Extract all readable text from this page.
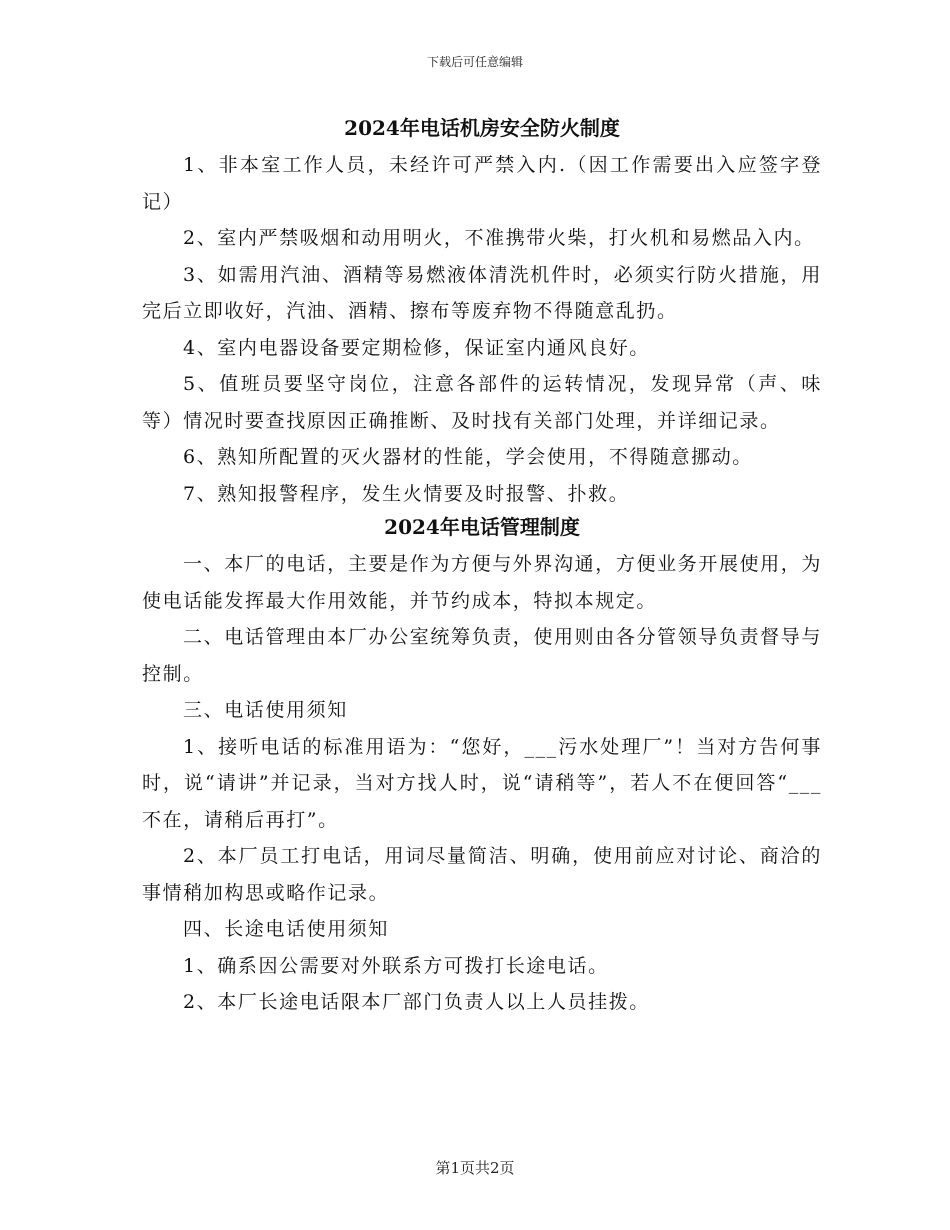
下载后可任意编辑
2024年电话机房安全防火制度

1、非本室工作人员，未经许可严禁入内.（因工作需要出入应签字登记）

2、室内严禁吸烟和动用明火，不准携带火柴，打火机和易燃品入内。

3、如需用汽油、酒精等易燃液体清洗机件时，必须实行防火措施，用完后立即收好，汽油、酒精、擦布等废弃物不得随意乱扔。

4、室内电器设备要定期检修，保证室内通风良好。

5、值班员要坚守岗位，注意各部件的运转情况，发现异常（声、味等）情况时要查找原因正确推断、及时找有关部门处理，并详细记录。

6、熟知所配置的灭火器材的性能，学会使用，不得随意挪动。

7、熟知报警程序，发生火情要及时报警、扑救。

2024年电话管理制度

一、本厂的电话，主要是作为方便与外界沟通，方便业务开展使用，为使电话能发挥最大作用效能，并节约成本，特拟本规定。

二、电话管理由本厂办公室统筹负责，使用则由各分管领导负责督导与控制。

三、电话使用须知

1、接听电话的标准用语为：“您好，___污水处理厂”！当对方告何事时，说“请讲”并记录，当对方找人时，说“请稍等”，若人不在便回答“___不在，请稍后再打”。

2、本厂员工打电话，用词尽量简洁、明确，使用前应对讨论、商洽的事情稍加构思或略作记录。

四、长途电话使用须知

1、确系因公需要对外联系方可拨打长途电话。

2、本厂长途电话限本厂部门负责人以上人员挂拨。

第1页共2页
